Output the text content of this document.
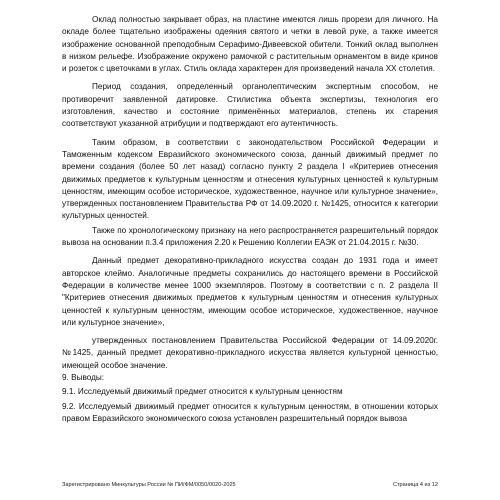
Оклад полностью закрывает образ, на пластине имеются лишь прорези для личного. На окладе более тщательно изображены одеяния святого и четки в левой руке, а также имеется изображение основанной преподобным Серафимо-Дивеевской обители. Тонкий оклад выполнен в низком рельефе. Изображение окружено рамочкой с растительным орнаментом в виде кринов и розеток с цветочками в углах. Стиль оклада характерен для произведений начала XX столетия.

Период создания, определенный органолептическим экспертным способом, не противоречит заявленной датировке. Стилистика объекта экспертизы, технология его изготовления, качество и состояние применённых материалов, степень их старения соответствуют указанной атрибуции и подтверждают его аутентичность.

Таким образом, в соответствии с законодательством Российской Федерации и Таможенным кодексом Евразийского экономического союза, данный движимый предмет по времени создания (более 50 лет назад) согласно пункту 2 раздела I «Критериев отнесения движимых предметов к культурным ценностям и отнесения культурных ценностей к культурным ценностям, имеющим особое историческое, художественное, научное или культурное значение», утвержденных постановлением Правительства РФ от 14.09.2020 г. №1425, относится к категории культурных ценностей.

Также по хронологическому признаку на него распространяется разрешительный порядок вывоза на основании п.3.4 приложения 2.20 к Решению Коллегии ЕАЭК от 21.04.2015 г. №30.

Данный предмет декоративно-прикладного искусства создан до 1931 года и имеет авторское клеймо. Аналогичные предметы сохранились до настоящего времени в Российской Федерации в количестве менее 1000 экземпляров. Поэтому в соответствии с п. 2 раздела II "Критериев отнесения движимых предметов к культурным ценностям и отнесения культурных ценностей к культурным ценностям, имеющим особое историческое, художественное, научное или культурное значение»,

утвержденных постановлением Правительства Российской Федерации от 14.09.2020г. №1425, данный предмет декоративно-прикладного искусства является культурной ценностью, имеющей особое значение.

9. Выводы:

9.1. Исследуемый движимый предмет относится к культурным ценностям

9.2. Исследуемый движимый предмет относится к культурным ценностям, в отношении которых правом Евразийского экономического союза установлен разрешительный порядок вывоза

Зарегистрировано Минкультуры России № ПИ/ФМ/0050/0020-2025	Страница 4 из 12
